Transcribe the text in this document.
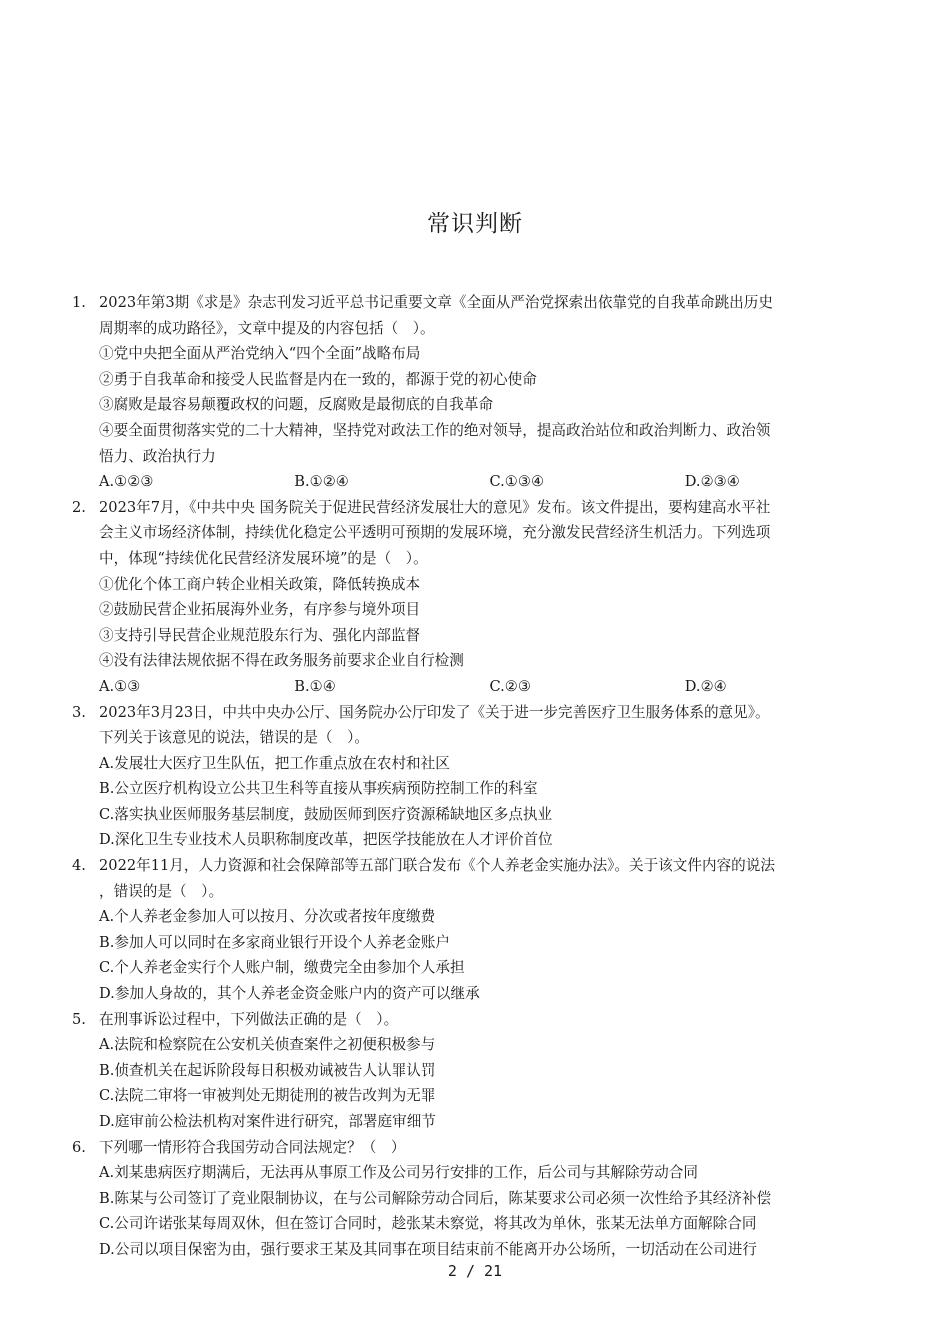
常识判断
1. 2023年第3期《求是》杂志刊发习近平总书记重要文章《全面从严治党探索出依靠党的自我革命跳出历史
周期率的成功路径》，文章中提及的内容包括（　）。
①党中央把全面从严治党纳入“四个全面”战略布局
②勇于自我革命和接受人民监督是内在一致的，都源于党的初心使命
③腐败是最容易颠覆政权的问题，反腐败是最彻底的自我革命
④要全面贯彻落实党的二十大精神，坚持党对政法工作的绝对领导，提高政治站位和政治判断力、政治领
悟力、政治执行力
A.①②③	B.①②④	C.①③④	D.②③④
2. 2023年7月，《中共中央 国务院关于促进民营经济发展壮大的意见》发布。该文件提出，要构建高水平社
会主义市场经济体制，持续优化稳定公平透明可预期的发展环境，充分激发民营经济生机活力。下列选项
中，体现“持续优化民营经济发展环境”的是（　）。
①优化个体工商户转企业相关政策，降低转换成本
②鼓励民营企业拓展海外业务，有序参与境外项目
③支持引导民营企业规范股东行为、强化内部监督
④没有法律法规依据不得在政务服务前要求企业自行检测
A.①③	B.①④	C.②③	D.②④
3. 2023年3月23日，中共中央办公厅、国务院办公厅印发了《关于进一步完善医疗卫生服务体系的意见》。
下列关于该意见的说法，错误的是（　）。
A.发展壮大医疗卫生队伍，把工作重点放在农村和社区
B.公立医疗机构设立公共卫生科等直接从事疾病预防控制工作的科室
C.落实执业医师服务基层制度，鼓励医师到医疗资源稀缺地区多点执业
D.深化卫生专业技术人员职称制度改革，把医学技能放在人才评价首位
4. 2022年11月，人力资源和社会保障部等五部门联合发布《个人养老金实施办法》。关于该文件内容的说法
，错误的是（　）。
A.个人养老金参加人可以按月、分次或者按年度缴费
B.参加人可以同时在多家商业银行开设个人养老金账户
C.个人养老金实行个人账户制，缴费完全由参加个人承担
D.参加人身故的，其个人养老金资金账户内的资产可以继承
5. 在刑事诉讼过程中，下列做法正确的是（　）。
A.法院和检察院在公安机关侦查案件之初便积极参与
B.侦查机关在起诉阶段每日积极劝诫被告人认罪认罚
C.法院二审将一审被判处无期徒刑的被告改判为无罪
D.庭审前公检法机构对案件进行研究，部署庭审细节
6. 下列哪一情形符合我国劳动合同法规定？（　）
A.刘某患病医疗期满后，无法再从事原工作及公司另行安排的工作，后公司与其解除劳动合同
B.陈某与公司签订了竞业限制协议，在与公司解除劳动合同后，陈某要求公司必须一次性给予其经济补偿
C.公司许诺张某每周双休，但在签订合同时，趁张某未察觉，将其改为单休，张某无法单方面解除合同
D.公司以项目保密为由，强行要求王某及其同事在项目结束前不能离开办公场所，一切活动在公司进行
2 / 21
